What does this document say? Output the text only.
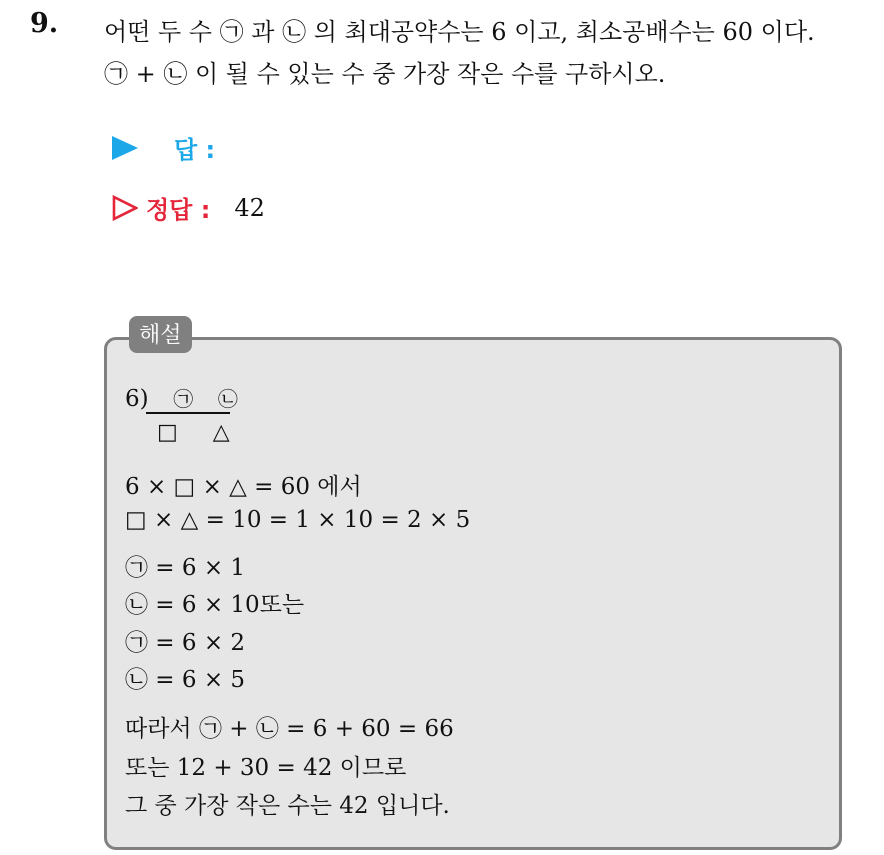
9. 어떤 두 수 ㉠ 과 ㉡ 의 최대공약수는 6 이고, 최소공배수는 60 이다.
㉠ + ㉡ 이 될 수 있는 수 중 가장 작은 수를 구하시오.
답 :
정답 : 42
해설
6) ㉠ ㉡
□ △
6 × □ × △ = 60 에서
□ × △ = 10 = 1 × 10 = 2 × 5
㉠ = 6 × 1
㉡ = 6 × 10또는
㉠ = 6 × 2
㉡ = 6 × 5
따라서 ㉠ + ㉡ = 6 + 60 = 66
또는 12 + 30 = 42 이므로
그 중 가장 작은 수는 42 입니다.
